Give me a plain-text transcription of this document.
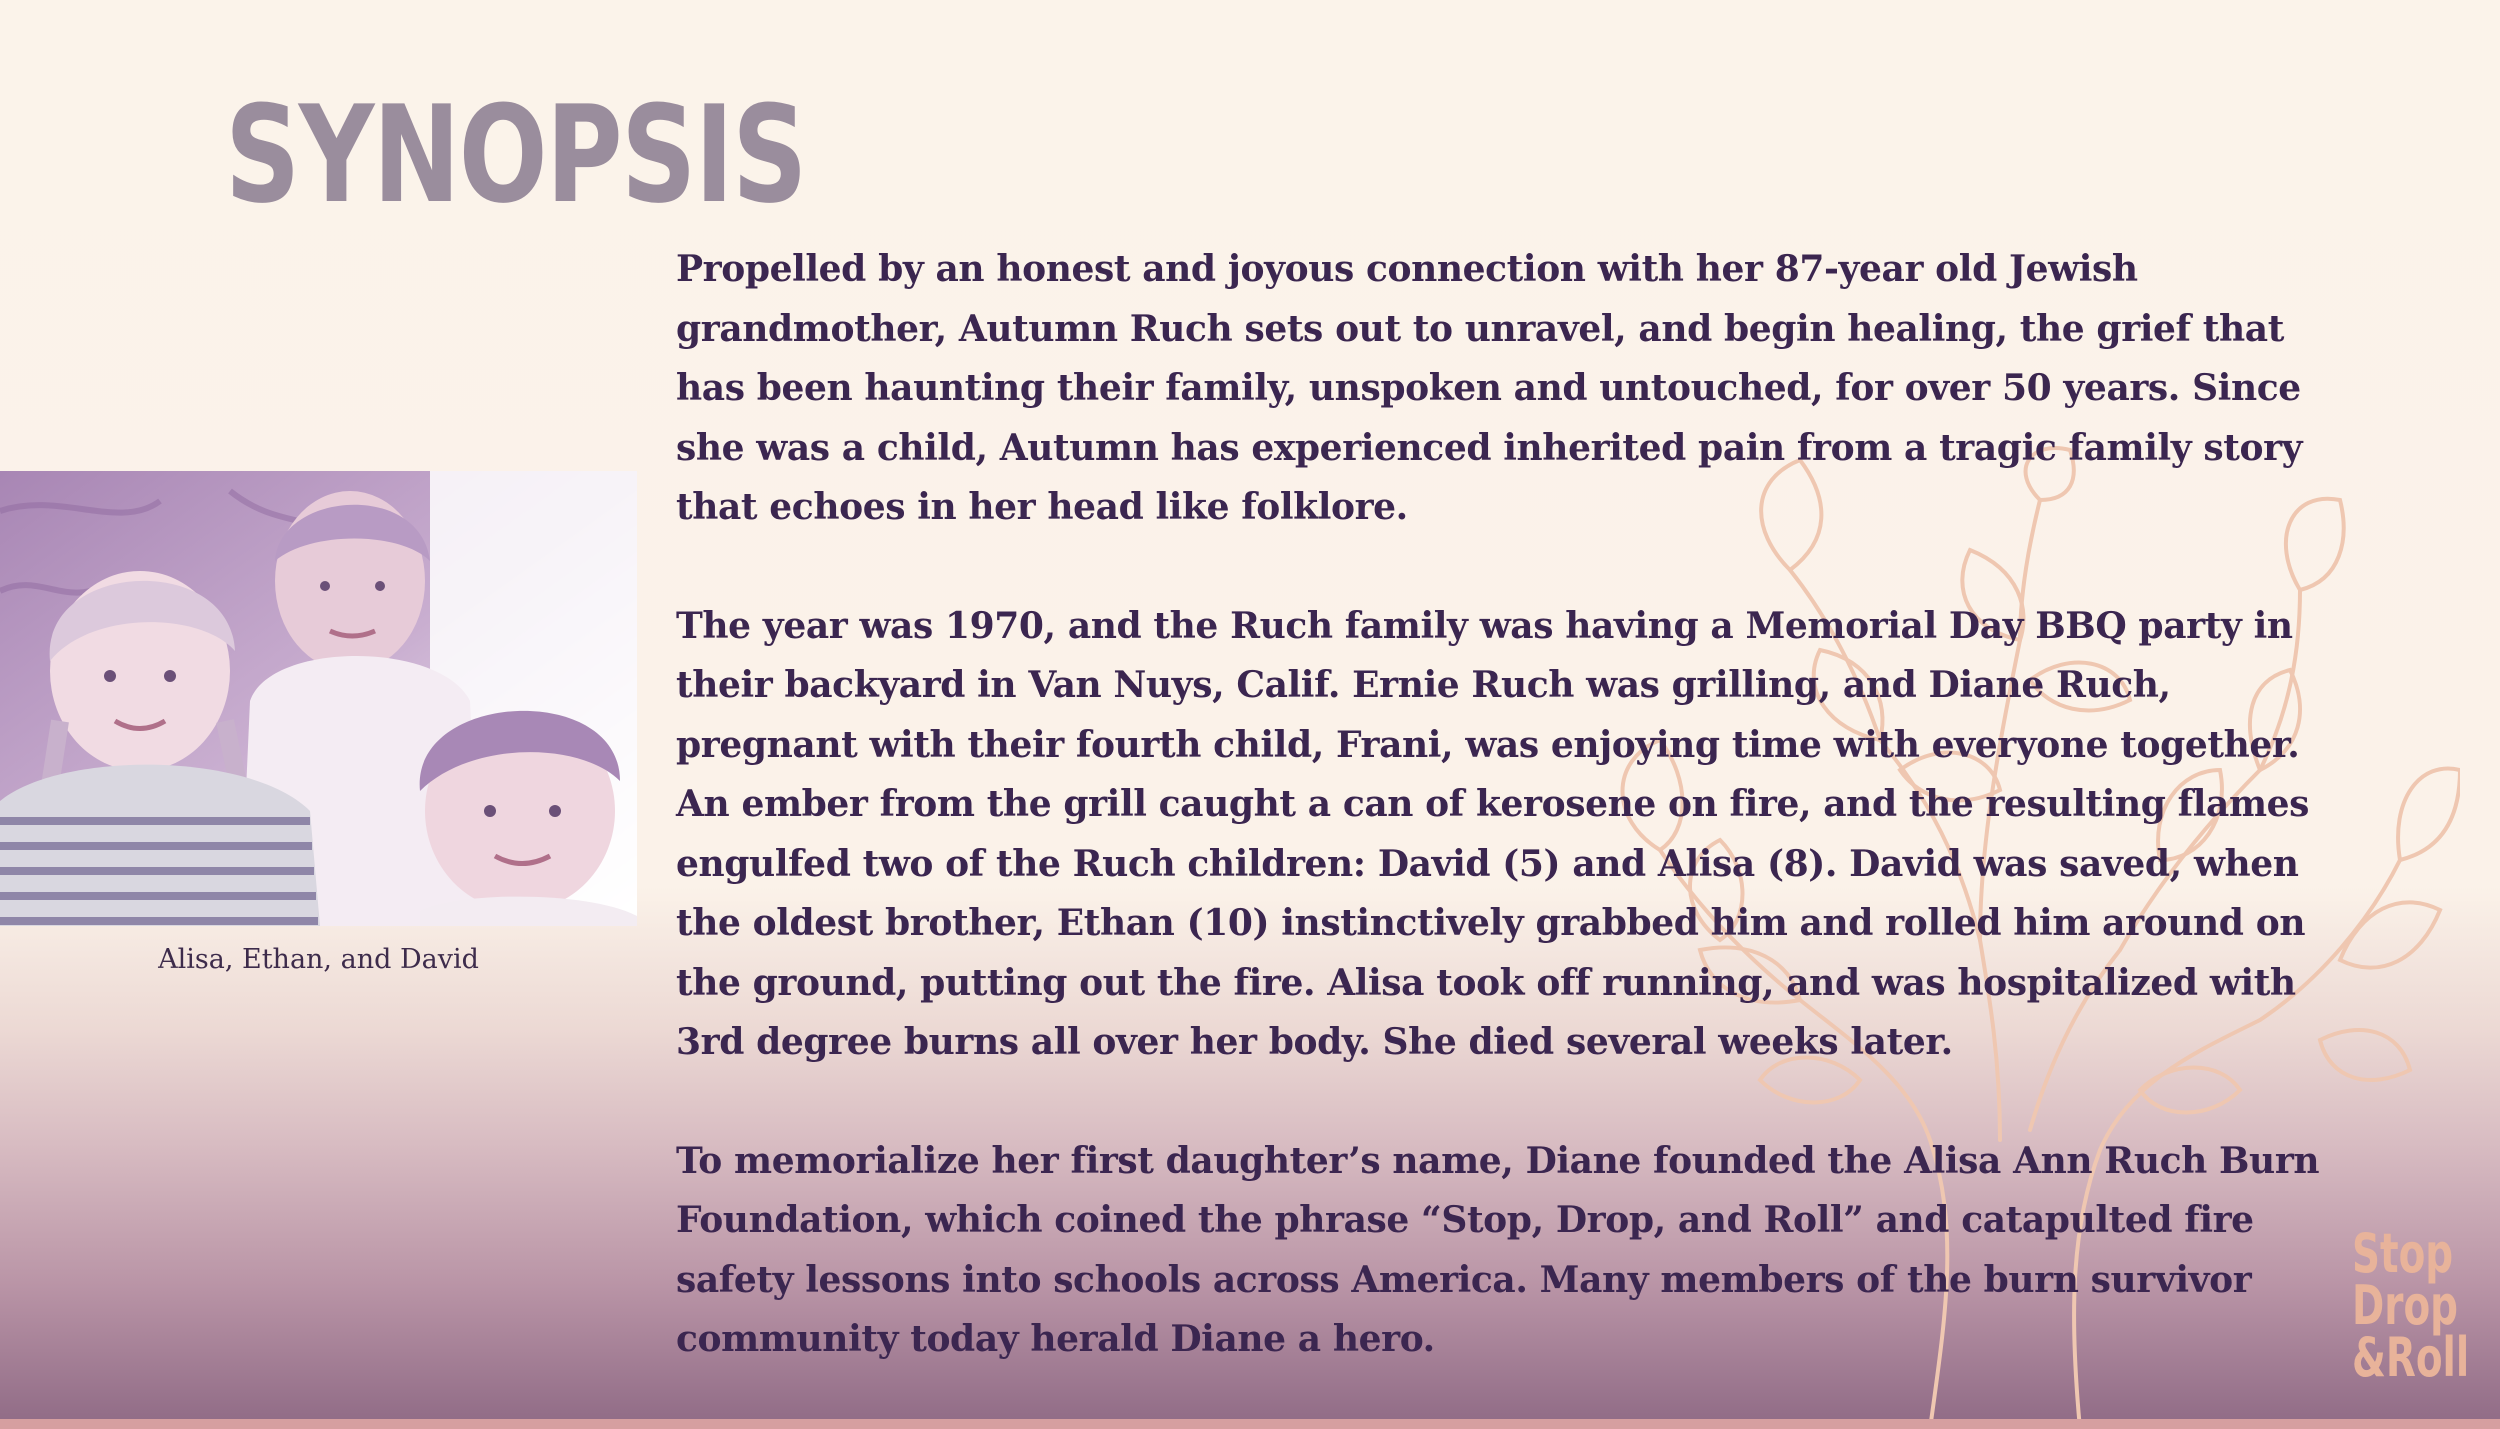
SYNOPSIS
Alisa, Ethan, and David

Propelled by an honest and joyous connection with her 87-year old Jewish grandmother, Autumn Ruch sets out to unravel, and begin healing, the grief that has been haunting their family, unspoken and untouched, for over 50 years. Since she was a child, Autumn has experienced inherited pain from a tragic family story that echoes in her head like folklore.

The year was 1970, and the Ruch family was having a Memorial Day BBQ party in their backyard in Van Nuys, Calif. Ernie Ruch was grilling, and Diane Ruch, pregnant with their fourth child, Frani, was enjoying time with everyone together. An ember from the grill caught a can of kerosene on fire, and the resulting flames engulfed two of the Ruch children: David (5) and Alisa (8). David was saved, when the oldest brother, Ethan (10) instinctively grabbed him and rolled him around on the ground, putting out the fire. Alisa took off running, and was hospitalized with 3rd degree burns all over her body. She died several weeks later.

To memorialize her first daughter’s name, Diane founded the Alisa Ann Ruch Burn Foundation, which coined the phrase “Stop, Drop, and Roll” and catapulted fire safety lessons into schools across America. Many members of the burn survivor community today herald Diane a hero.

Stop
Drop
&Roll
